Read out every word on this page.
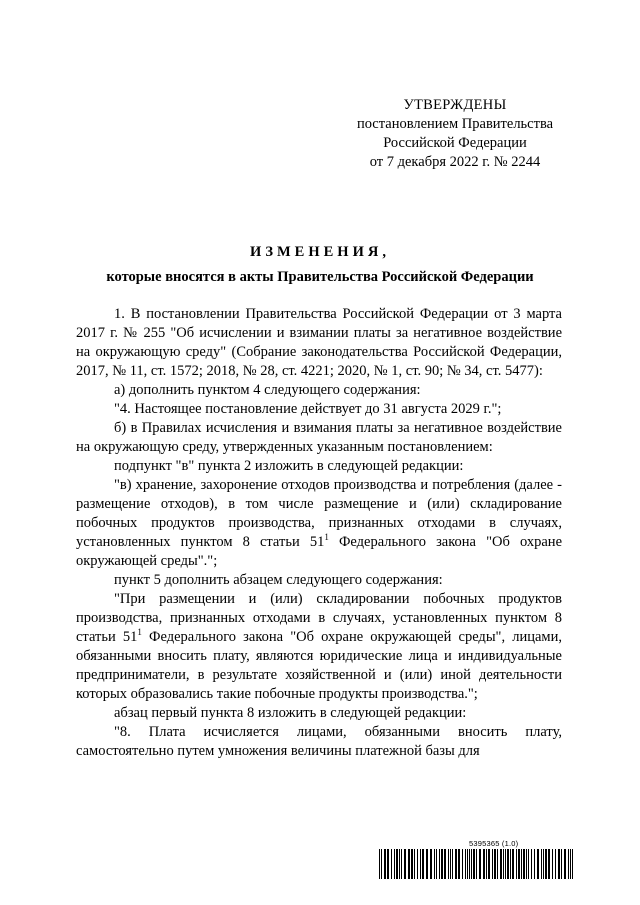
УТВЕРЖДЕНЫ
постановлением Правительства
Российской Федерации
от 7 декабря 2022 г. № 2244
ИЗМЕНЕНИЯ,
которые вносятся в акты Правительства Российской Федерации

1. В постановлении Правительства Российской Федерации от 3 марта 2017 г. № 255 "Об исчислении и взимании платы за негативное воздействие на окружающую среду" (Собрание законодательства Российской Федерации, 2017, № 11, ст. 1572; 2018, № 28, ст. 4221; 2020, № 1, ст. 90; № 34, ст. 5477):

а) дополнить пунктом 4 следующего содержания:

"4. Настоящее постановление действует до 31 августа 2029 г.";

б) в Правилах исчисления и взимания платы за негативное воздействие на окружающую среду, утвержденных указанным постановлением:

подпункт "в" пункта 2 изложить в следующей редакции:

"в) хранение, захоронение отходов производства и потребления (далее - размещение отходов), в том числе размещение и (или) складирование побочных продуктов производства, признанных отходами в случаях, установленных пунктом 8 статьи $51^1$ Федерального закона "Об охране окружающей среды".";

пункт 5 дополнить абзацем следующего содержания:

"При размещении и (или) складировании побочных продуктов производства, признанных отходами в случаях, установленных пунктом 8 статьи $51^1$ Федерального закона "Об охране окружающей среды", лицами, обязанными вносить плату, являются юридические лица и индивидуальные предприниматели, в результате хозяйственной и (или) иной деятельности которых образовались такие побочные продукты производства.";

абзац первый пункта 8 изложить в следующей редакции:

"8. Плата исчисляется лицами, обязанными вносить плату, самостоятельно путем умножения величины платежной базы для

5395365 (1.0)
